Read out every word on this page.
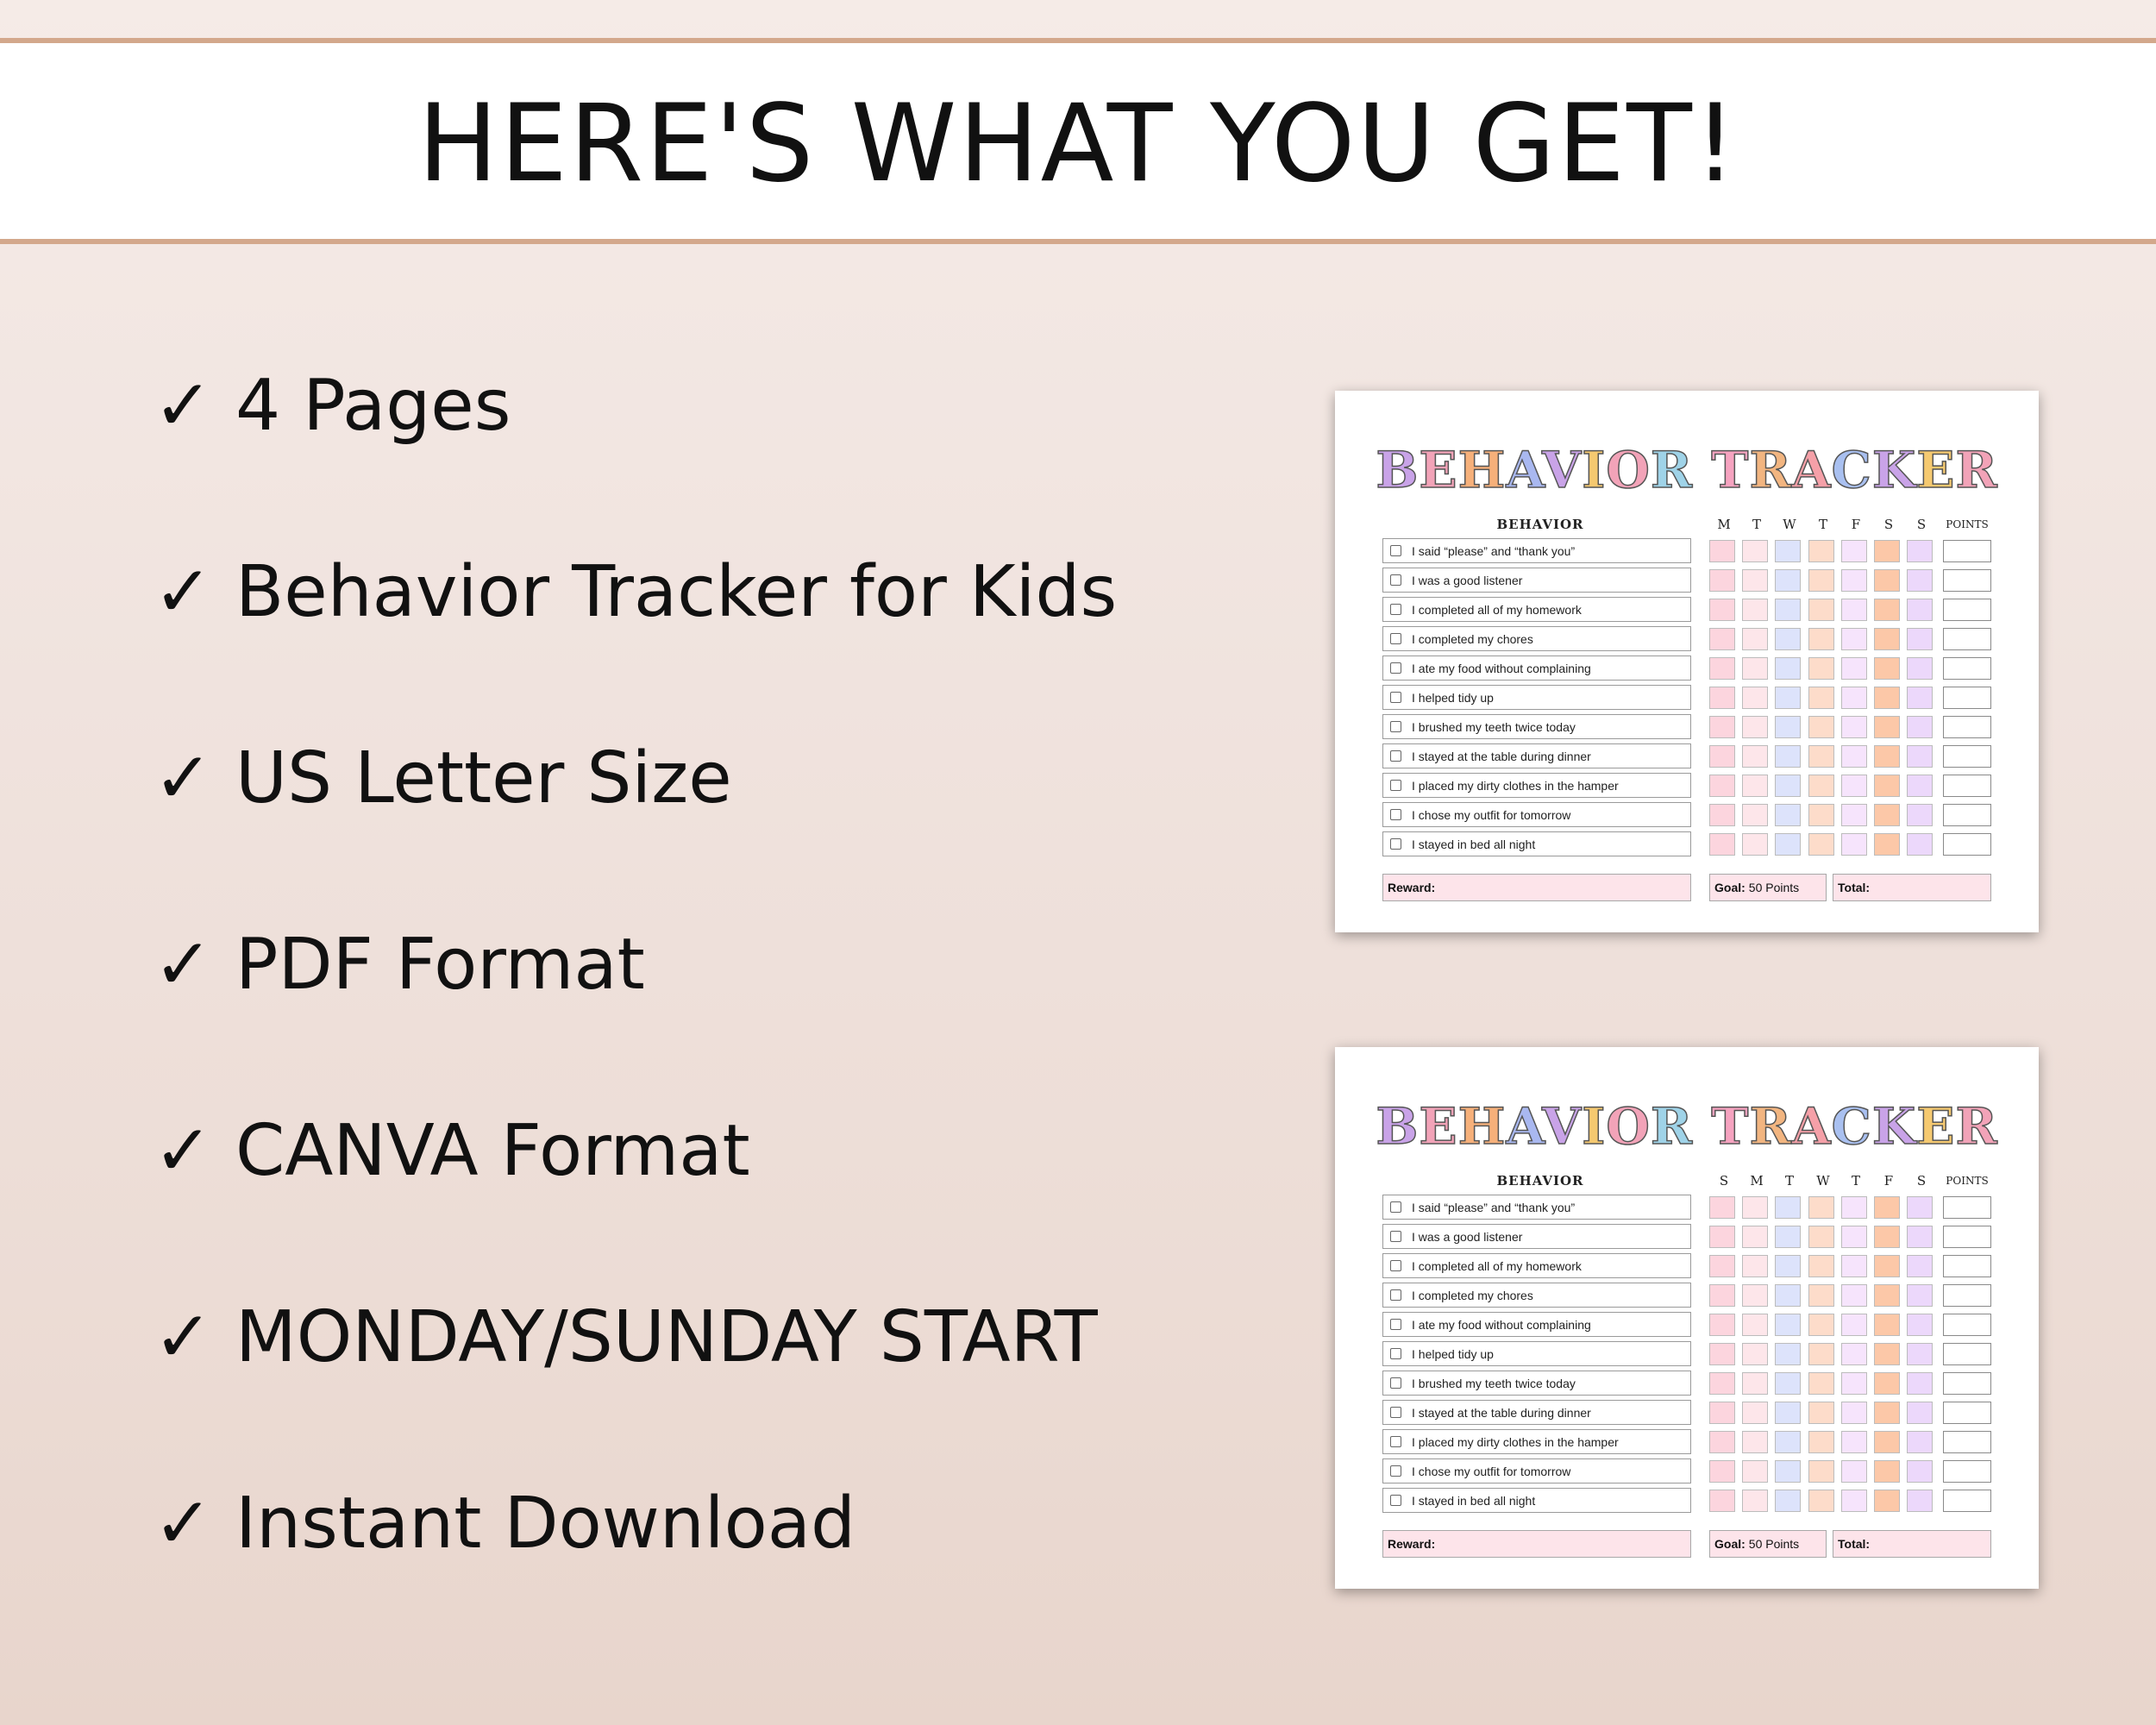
HERE'S WHAT YOU GET!
✓ 4 Pages
✓ Behavior Tracker for Kids
✓ US Letter Size
✓ PDF Format
✓ CANVA Format
✓ MONDAY/SUNDAY START
✓ Instant Download
BEHAVIOR TRACKER
BEHAVIOR	M	T	W	T	F	S	S	POINTS
I said “please” and “thank you”
I was a good listener
I completed all of my homework
I completed my chores
I ate my food without complaining
I helped tidy up
I brushed my teeth twice today
I stayed at the table during dinner
I placed my dirty clothes in the hamper
I chose my outfit for tomorrow
I stayed in bed all night
Reward:	Goal: 50 Points	Total:
BEHAVIOR TRACKER
BEHAVIOR	S	M	T	W	T	F	S	POINTS
I said “please” and “thank you”
I was a good listener
I completed all of my homework
I completed my chores
I ate my food without complaining
I helped tidy up
I brushed my teeth twice today
I stayed at the table during dinner
I placed my dirty clothes in the hamper
I chose my outfit for tomorrow
I stayed in bed all night
Reward:	Goal: 50 Points	Total:
